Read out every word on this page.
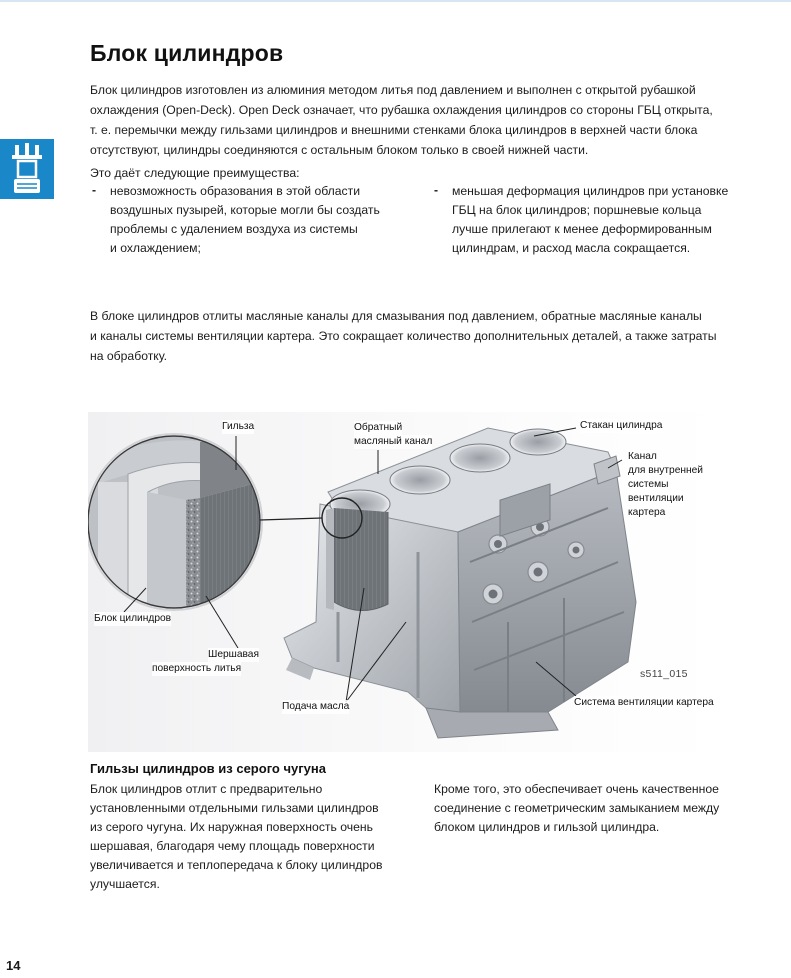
Блок цилиндров

Блок цилиндров изготовлен из алюминия методом литья под давлением и выполнен с открытой рубашкой

охлаждения (Open-Deck). Open Deck означает, что рубашка охлаждения цилиндров со стороны ГБЦ открыта,

т. е. перемычки между гильзами цилиндров и внешними стенками блока цилиндров в верхней части блока

отсутствуют, цилиндры соединяются с остальным блоком только в своей нижней части.

Это даёт следующие преимущества:

- невозможность образования в этой области

воздушных пузырей, которые могли бы создать

проблемы с удалением воздуха из системы

и охлаждением;

- меньшая деформация цилиндров при установке

ГБЦ на блок цилиндров; поршневые кольца

лучше прилегают к менее деформированным

цилиндрам, и расход масла сокращается.

В блоке цилиндров отлиты масляные каналы для смазывания под давлением, обратные масляные каналы

и каналы системы вентиляции картера. Это сокращает количество дополнительных деталей, а также затраты

на обработку.

Гильза	Обратный
масляный канал
Стакан цилиндра
Канал
для внутренней
системы
вентиляции
картера
Блок цилиндров
Шершавая
поверхность литья
Подача масла	Система вентиляции картера
s511_015
Гильзы цилиндров из серого чугуна

Блок цилиндров отлит с предварительно

установленными отдельными гильзами цилиндров

из серого чугуна. Их наружная поверхность очень

шершавая, благодаря чему площадь поверхности

увеличивается и теплопередача к блоку цилиндров

улучшается.

Кроме того, это обеспечивает очень качественное

соединение с геометрическим замыканием между

блоком цилиндров и гильзой цилиндра.

14
